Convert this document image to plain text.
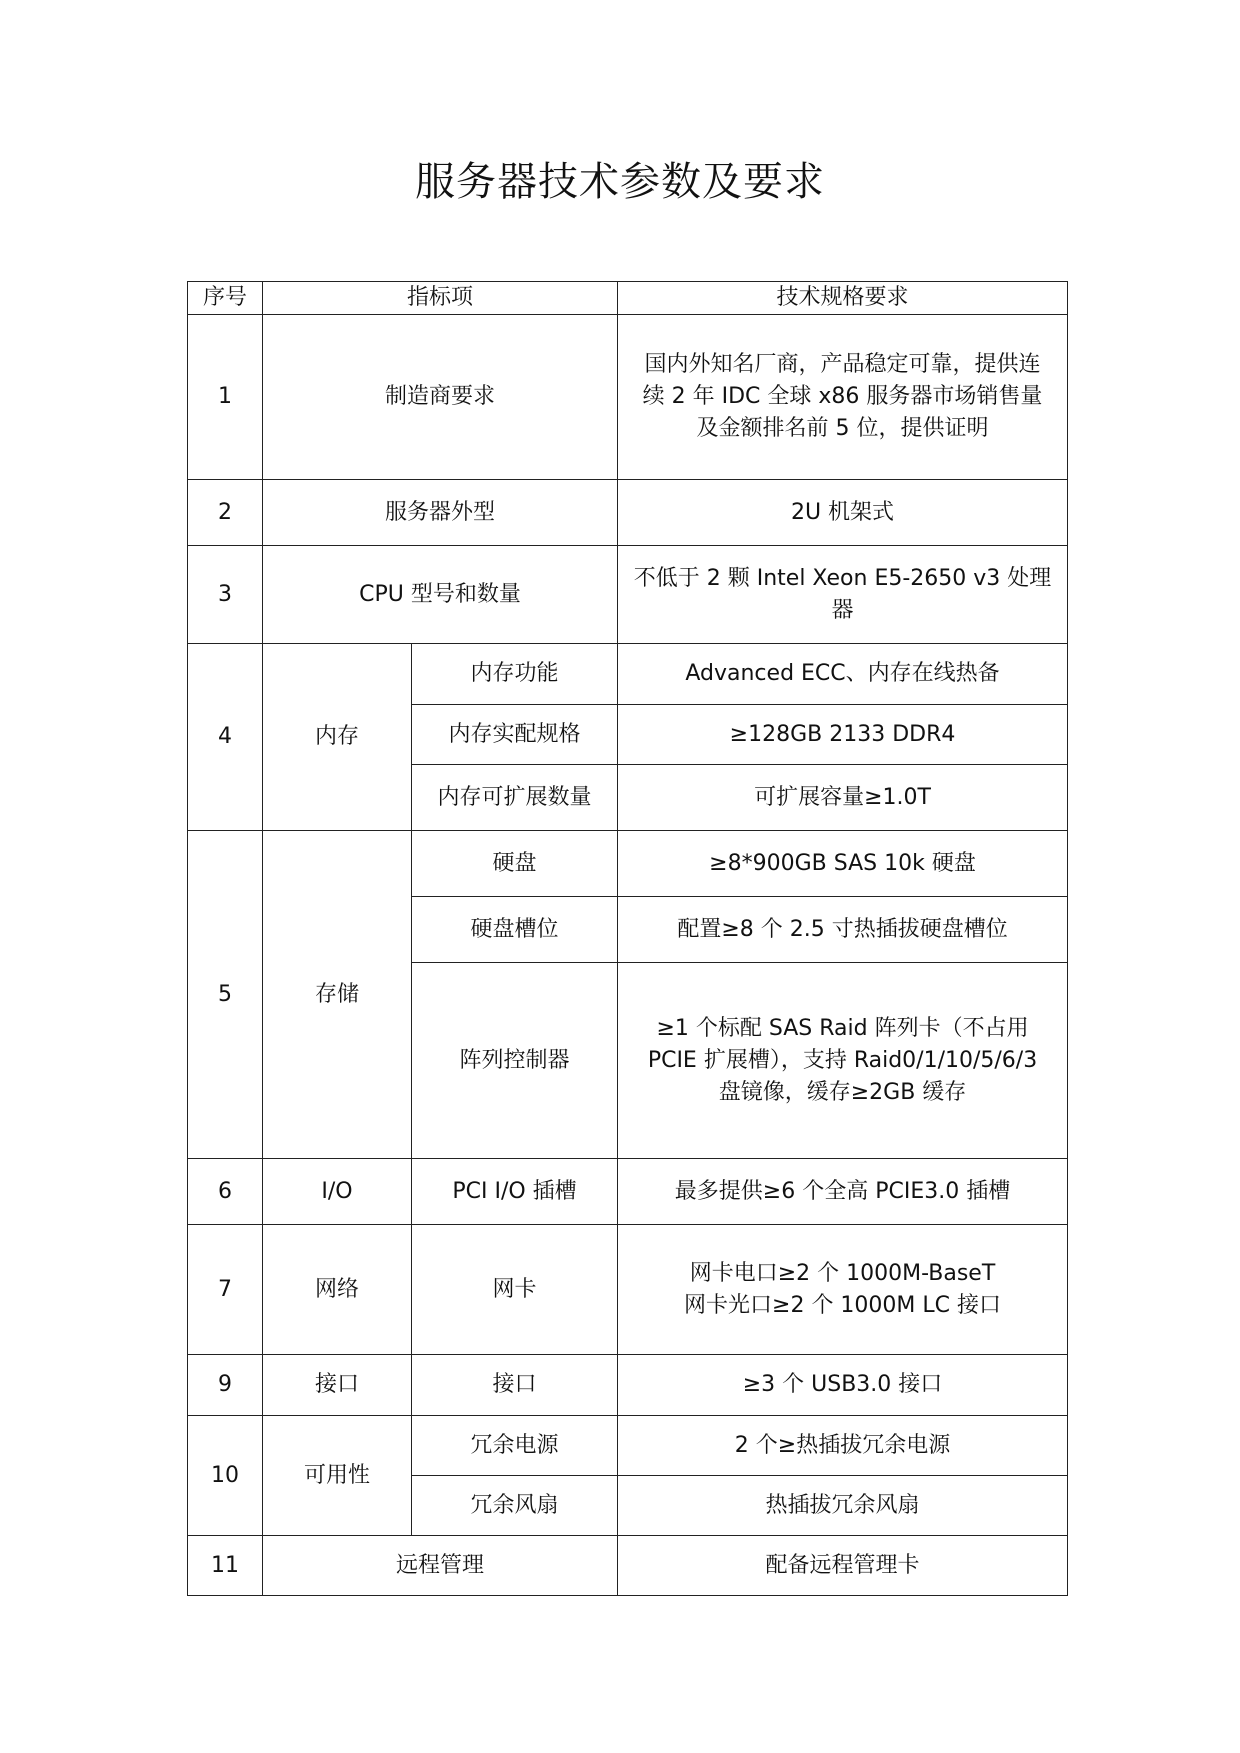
服务器技术参数及要求
序号	指标项		技术规格要求
1	制造商要求		国内外知名厂商，产品稳定可靠，提供连
续 2 年 IDC 全球 x86 服务器市场销售量
及金额排名前 5 位，提供证明

2	服务器外型		2U 机架式
3	CPU 型号和数量		不低于 2 颗 Intel Xeon E5-2650 v3 处理
器

4	内存	内存功能	Advanced ECC、内存在线热备
		内存实配规格	≥128GB 2133 DDR4
		内存可扩展数量	可扩展容量≥1.0T
5	存储	硬盘	≥8*900GB SAS 10k 硬盘
		硬盘槽位	配置≥8 个 2.5 寸热插拔硬盘槽位
		阵列控制器	≥1 个标配 SAS Raid 阵列卡（不占用
PCIE 扩展槽），支持 Raid0/1/10/5/6/3
盘镜像，缓存≥2GB 缓存

6	I/O	PCI I/O 插槽	最多提供≥6 个全高 PCIE3.0 插槽
7	网络	网卡	网卡电口≥2 个 1000M-BaseT
网卡光口≥2 个 1000M LC 接口

9	接口	接口	≥3 个 USB3.0 接口
10	可用性	冗余电源	2 个≥热插拔冗余电源
		冗余风扇	热插拔冗余风扇
11	远程管理		配备远程管理卡
